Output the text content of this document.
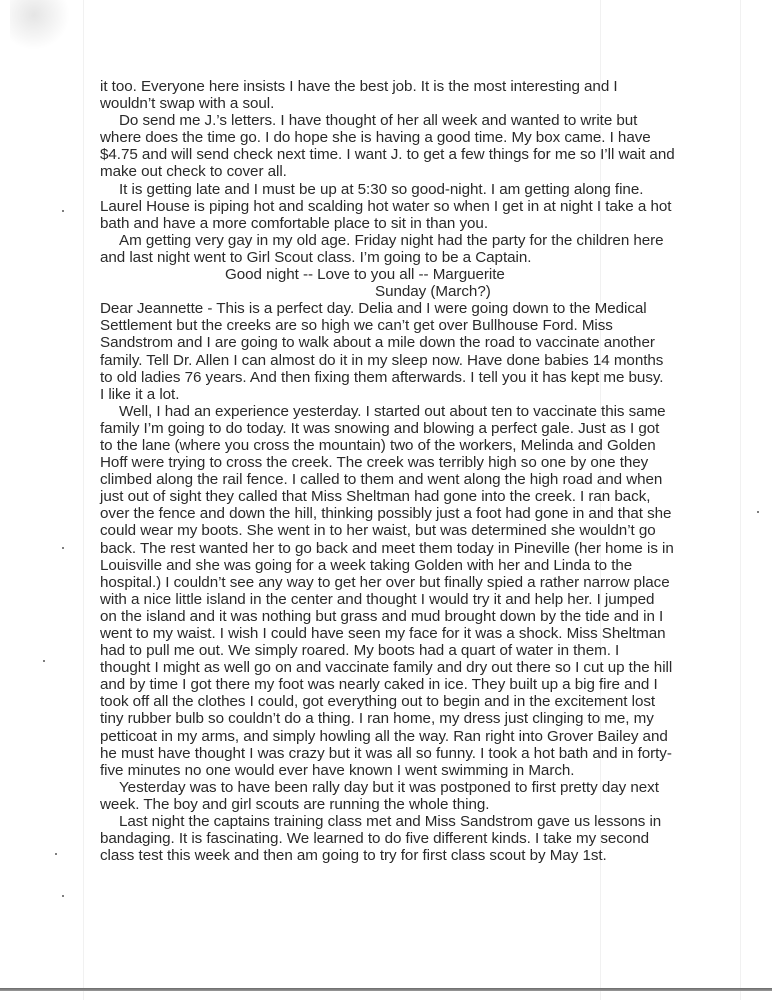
it too. Everyone here insists I have the best job. It is the most interesting and I
wouldn’t swap with a soul.
Do send me J.’s letters. I have thought of her all week and wanted to write but
where does the time go. I do hope she is having a good time. My box came. I have
$4.75 and will send check next time. I want J. to get a few things for me so I’ll wait and
make out check to cover all.
It is getting late and I must be up at 5:30 so good-night. I am getting along fine.
Laurel House is piping hot and scalding hot water so when I get in at night I take a hot
bath and have a more comfortable place to sit in than you.
Am getting very gay in my old age. Friday night had the party for the children here
and last night went to Girl Scout class. I’m going to be a Captain.
Good night -- Love to you all -- Marguerite
Sunday (March?)
Dear Jeannette - This is a perfect day. Delia and I were going down to the Medical
Settlement but the creeks are so high we can’t get over Bullhouse Ford. Miss
Sandstrom and I are going to walk about a mile down the road to vaccinate another
family. Tell Dr. Allen I can almost do it in my sleep now. Have done babies 14 months
to old ladies 76 years. And then fixing them afterwards. I tell you it has kept me busy.
I like it a lot.
Well, I had an experience yesterday. I started out about ten to vaccinate this same
family I’m going to do today. It was snowing and blowing a perfect gale. Just as I got
to the lane (where you cross the mountain) two of the workers, Melinda and Golden
Hoff were trying to cross the creek. The creek was terribly high so one by one they
climbed along the rail fence. I called to them and went along the high road and when
just out of sight they called that Miss Sheltman had gone into the creek. I ran back,
over the fence and down the hill, thinking possibly just a foot had gone in and that she
could wear my boots. She went in to her waist, but was determined she wouldn’t go
back. The rest wanted her to go back and meet them today in Pineville (her home is in
Louisville and she was going for a week taking Golden with her and Linda to the
hospital.) I couldn’t see any way to get her over but finally spied a rather narrow place
with a nice little island in the center and thought I would try it and help her. I jumped
on the island and it was nothing but grass and mud brought down by the tide and in I
went to my waist. I wish I could have seen my face for it was a shock. Miss Sheltman
had to pull me out. We simply roared. My boots had a quart of water in them. I
thought I might as well go on and vaccinate family and dry out there so I cut up the hill
and by time I got there my foot was nearly caked in ice. They built up a big fire and I
took off all the clothes I could, got everything out to begin and in the excitement lost
tiny rubber bulb so couldn’t do a thing. I ran home, my dress just clinging to me, my
petticoat in my arms, and simply howling all the way. Ran right into Grover Bailey and
he must have thought I was crazy but it was all so funny. I took a hot bath and in forty-
five minutes no one would ever have known I went swimming in March.
Yesterday was to have been rally day but it was postponed to first pretty day next
week. The boy and girl scouts are running the whole thing.
Last night the captains training class met and Miss Sandstrom gave us lessons in
bandaging. It is fascinating. We learned to do five different kinds. I take my second
class test this week and then am going to try for first class scout by May 1st.
